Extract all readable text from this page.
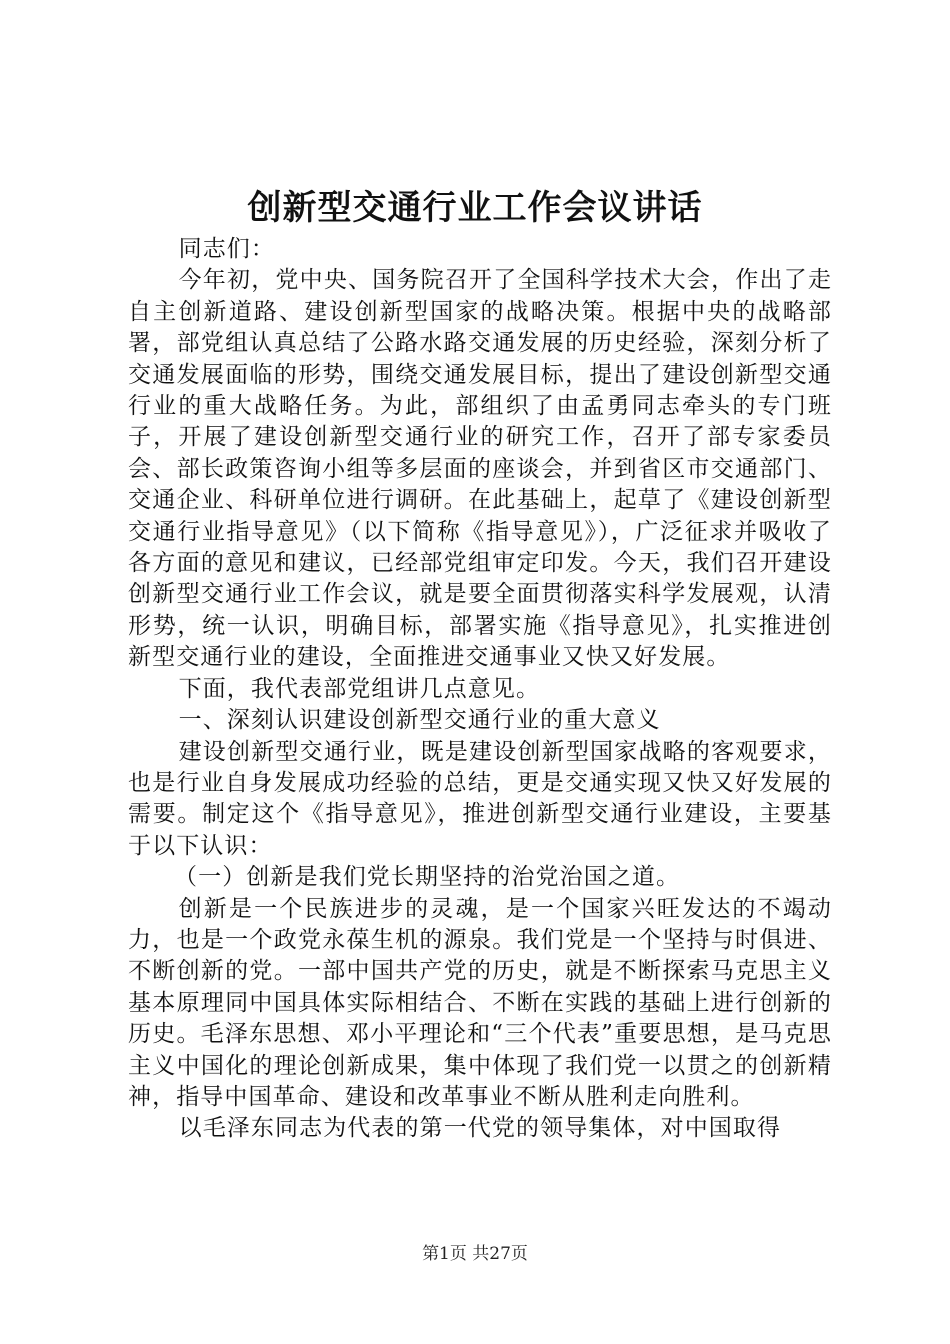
创新型交通行业工作会议讲话

同志们：

今年初，党中央、国务院召开了全国科学技术大会，作出了走自主创新道路、建设创新型国家的战略决策。根据中央的战略部署，部党组认真总结了公路水路交通发展的历史经验，深刻分析了交通发展面临的形势，围绕交通发展目标，提出了建设创新型交通行业的重大战略任务。为此，部组织了由孟勇同志牵头的专门班子，开展了建设创新型交通行业的研究工作，召开了部专家委员会、部长政策咨询小组等多层面的座谈会，并到省区市交通部门、交通企业、科研单位进行调研。在此基础上，起草了《建设创新型交通行业指导意见》（以下简称《指导意见》），广泛征求并吸收了各方面的意见和建议，已经部党组审定印发。今天，我们召开建设创新型交通行业工作会议，就是要全面贯彻落实科学发展观，认清形势，统一认识，明确目标，部署实施《指导意见》，扎实推进创新型交通行业的建设，全面推进交通事业又快又好发展。

下面，我代表部党组讲几点意见。

一、深刻认识建设创新型交通行业的重大意义

建设创新型交通行业，既是建设创新型国家战略的客观要求，也是行业自身发展成功经验的总结，更是交通实现又快又好发展的需要。制定这个《指导意见》，推进创新型交通行业建设，主要基于以下认识：

（一）创新是我们党长期坚持的治党治国之道。

创新是一个民族进步的灵魂，是一个国家兴旺发达的不竭动力，也是一个政党永葆生机的源泉。我们党是一个坚持与时俱进、不断创新的党。一部中国共产党的历史，就是不断探索马克思主义基本原理同中国具体实际相结合、不断在实践的基础上进行创新的历史。毛泽东思想、邓小平理论和“三个代表”重要思想，是马克思主义中国化的理论创新成果，集中体现了我们党一以贯之的创新精神，指导中国革命、建设和改革事业不断从胜利走向胜利。

以毛泽东同志为代表的第一代党的领导集体，对中国取得

第1页 共27页
